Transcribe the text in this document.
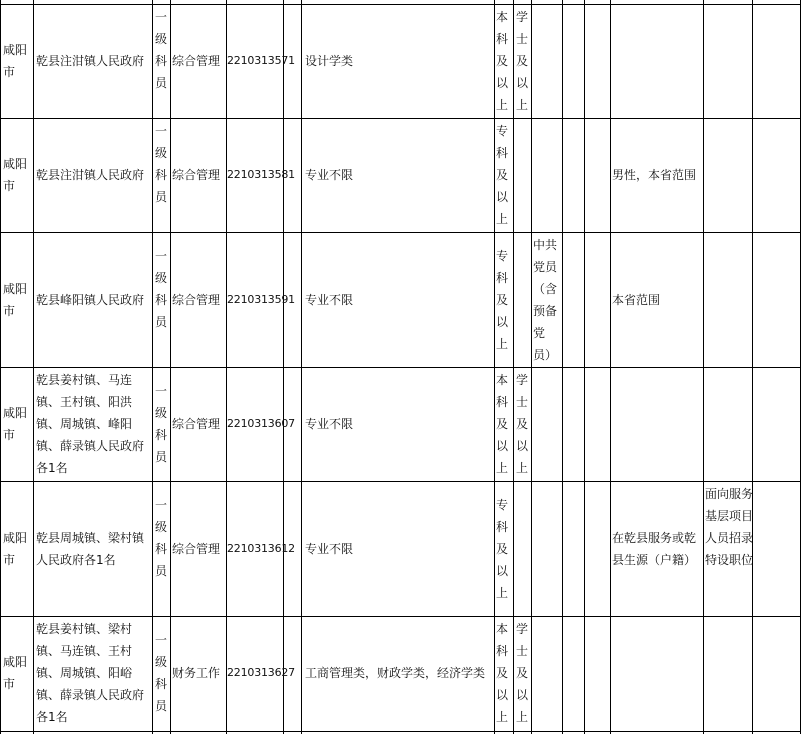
咸阳市
乾县注泔镇人民政府
一级科员
综合管理 2210313571 设计学类
本科及以上
学士及以上
咸阳市
乾县注泔镇人民政府
一级科员
综合管理 2210313581 专业不限
专科及以上
男性，本省范围
咸阳市
乾县峰阳镇人民政府
一级科员
综合管理 2210313591 专业不限
专科及以上
中共党员（含预备党员）
本省范围
咸阳市
乾县姜村镇、马连镇、王村镇、阳洪镇、周城镇、峰阳镇、薛录镇人民政府各1名
一级科员
综合管理 2210313607 专业不限
本科及以上
学士及以上
咸阳市
乾县周城镇、梁村镇人民政府各1名
一级科员
综合管理 2210313612 专业不限
专科及以上
在乾县服务或乾县生源（户籍）
面向服务基层项目人员招录特设职位
咸阳市
乾县姜村镇、梁村镇、马连镇、王村镇、周城镇、阳峪镇、薛录镇人民政府各1名
一级科员
财务工作 2210313627 工商管理类，财政学类，经济学类
本科及以上
学士及以上
